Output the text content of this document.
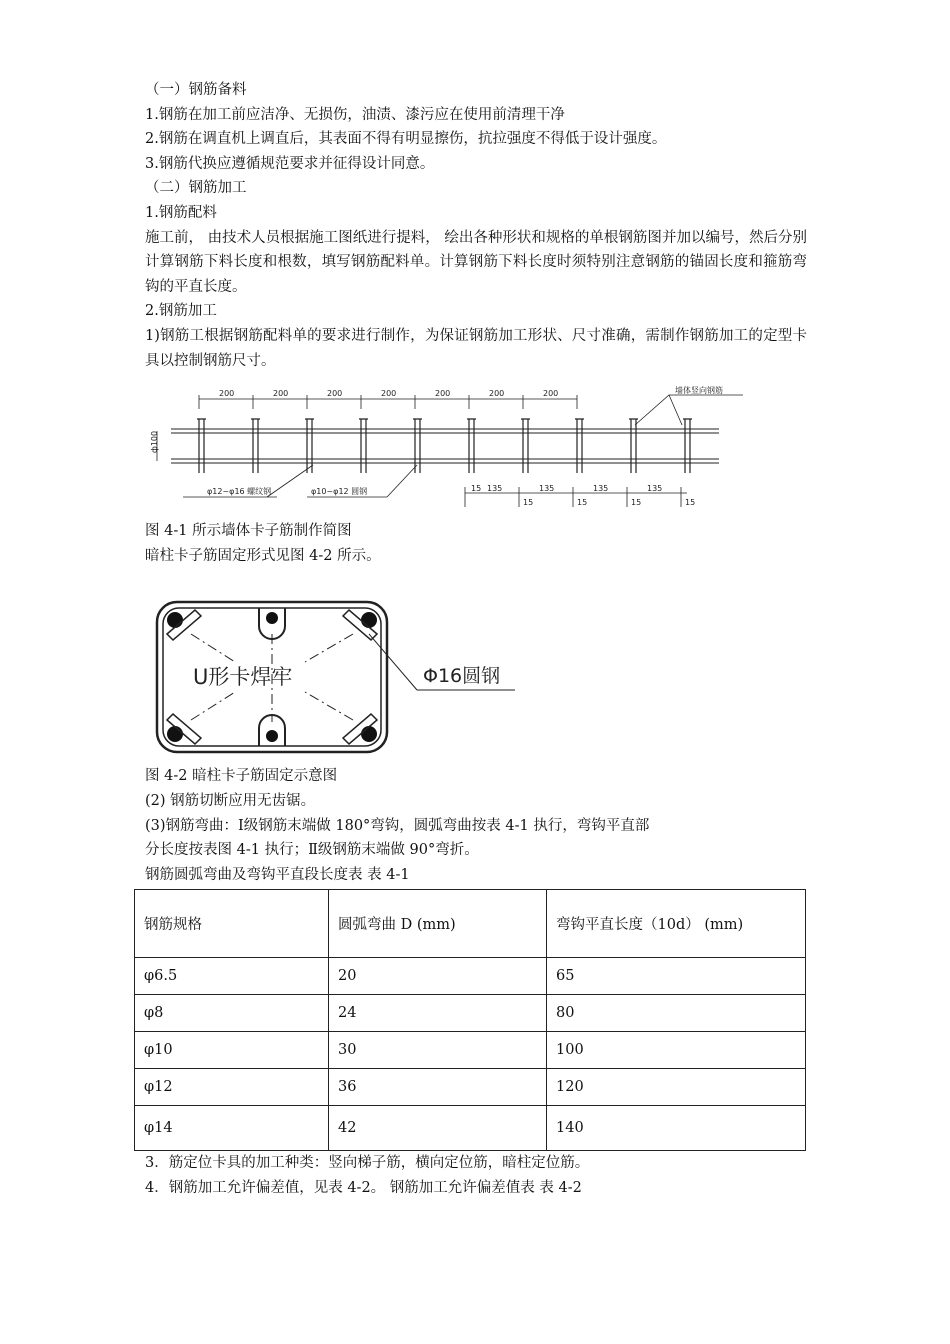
（一）钢筋备料

1.钢筋在加工前应洁净、无损伤，油渍、漆污应在使用前清理干净

2.钢筋在调直机上调直后，其表面不得有明显擦伤，抗拉强度不得低于设计强度。

3.钢筋代换应遵循规范要求并征得设计同意。

（二）钢筋加工

1.钢筋配料

施工前， 由技术人员根据施工图纸进行提料， 绘出各种形状和规格的单根钢筋图并加以编号，然后分别计算钢筋下料长度和根数，填写钢筋配料单。计算钢筋下料长度时须特别注意钢筋的锚固长度和箍筋弯钩的平直长度。

2.钢筋加工

1)钢筋工根据钢筋配料单的要求进行制作，为保证钢筋加工形状、尺寸准确，需制作钢筋加工的定型卡具以控制钢筋尺寸。

200	200	200	200	200	200	200	墙体竖向钢筋
ф100
φ12~φ16 螺纹钢	φ10~φ12 圆钢	15 135	135	135	135
15	15	15	15

图 4-1 所示墙体卡子筋制作简图

暗柱卡子筋固定形式见图 4-2 所示。

U形卡焊牢	Φ16圆钢

图 4-2 暗柱卡子筋固定示意图

(2) 钢筋切断应用无齿锯。

(3)钢筋弯曲：Ⅰ级钢筋末端做 180°弯钩，圆弧弯曲按表 4-1 执行，弯钩平直部

分长度按表图 4-1 执行；Ⅱ级钢筋末端做 90°弯折。

钢筋圆弧弯曲及弯钩平直段长度表 表 4-1

钢筋规格	圆弧弯曲 D (mm)	弯钩平直长度（10d） (mm)
φ6.5	20	65
φ8	24	80
φ10	30	100
φ12	36	120
φ14	42	140

3．筋定位卡具的加工种类：竖向梯子筋，横向定位筋，暗柱定位筋。

4．钢筋加工允许偏差值，见表 4-2。 钢筋加工允许偏差值表 表 4-2
